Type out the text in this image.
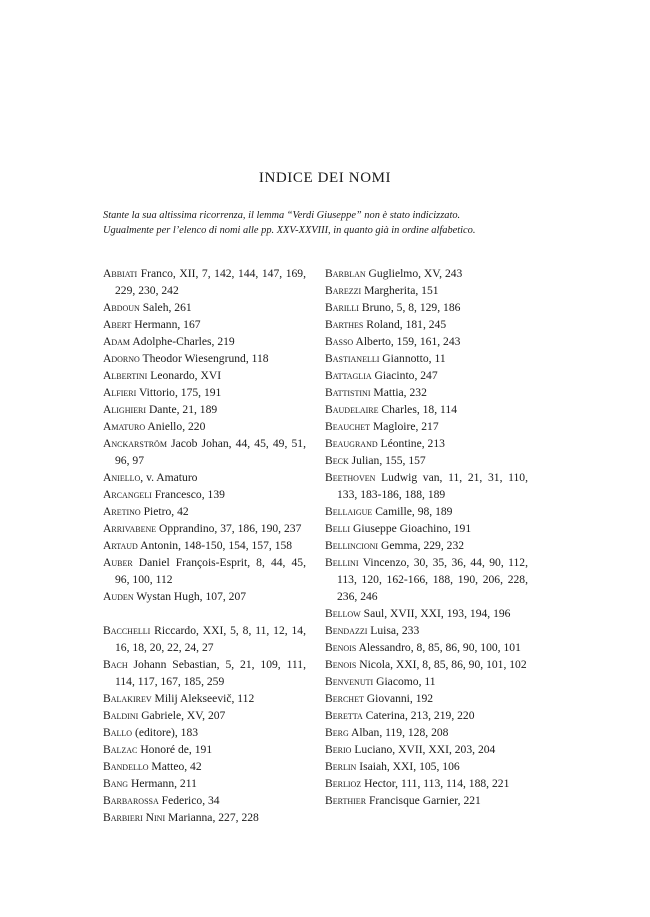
INDICE DEI NOMI
Stante la sua altissima ricorrenza, il lemma “Verdi Giuseppe” non è stato indicizzato.
Ugualmente per l’elenco di nomi alle pp. XXV-XXVIII, in quanto già in ordine alfabetico.
Abbiati Franco, XII, 7, 142, 144, 147, 169, 229, 230, 242
Abdoun Saleh, 261
Abert Hermann, 167
Adam Adolphe-Charles, 219
Adorno Theodor Wiesengrund, 118
Albertini Leonardo, XVI
Alfieri Vittorio, 175, 191
Alighieri Dante, 21, 189
Amaturo Aniello, 220
Anckarström Jacob Johan, 44, 45, 49, 51, 96, 97
Aniello, v. Amaturo
Arcangeli Francesco, 139
Aretino Pietro, 42
Arrivabene Opprandino, 37, 186, 190, 237
Artaud Antonin, 148-150, 154, 157, 158
Auber Daniel François-Esprit, 8, 44, 45, 96, 100, 112
Auden Wystan Hugh, 107, 207
Bacchelli Riccardo, XXI, 5, 8, 11, 12, 14, 16, 18, 20, 22, 24, 27
Bach Johann Sebastian, 5, 21, 109, 111, 114, 117, 167, 185, 259
Balakirev Milij Alekseevič, 112
Baldini Gabriele, XV, 207
Ballo (editore), 183
Balzac Honoré de, 191
Bandello Matteo, 42
Bang Hermann, 211
Barbarossa Federico, 34
Barbieri Nini Marianna, 227, 228
Barblan Guglielmo, XV, 243
Barezzi Margherita, 151
Barilli Bruno, 5, 8, 129, 186
Barthes Roland, 181, 245
Basso Alberto, 159, 161, 243
Bastianelli Giannotto, 11
Battaglia Giacinto, 247
Battistini Mattia, 232
Baudelaire Charles, 18, 114
Beauchet Magloire, 217
Beaugrand Léontine, 213
Beck Julian, 155, 157
Beethoven Ludwig van, 11, 21, 31, 110, 133, 183-186, 188, 189
Bellaigue Camille, 98, 189
Belli Giuseppe Gioachino, 191
Bellincioni Gemma, 229, 232
Bellini Vincenzo, 30, 35, 36, 44, 90, 112, 113, 120, 162-166, 188, 190, 206, 228, 236, 246
Bellow Saul, XVII, XXI, 193, 194, 196
Bendazzi Luisa, 233
Benois Alessandro, 8, 85, 86, 90, 100, 101
Benois Nicola, XXI, 8, 85, 86, 90, 101, 102
Benvenuti Giacomo, 11
Berchet Giovanni, 192
Beretta Caterina, 213, 219, 220
Berg Alban, 119, 128, 208
Berio Luciano, XVII, XXI, 203, 204
Berlin Isaiah, XXI, 105, 106
Berlioz Hector, 111, 113, 114, 188, 221
Berthier Francisque Garnier, 221
